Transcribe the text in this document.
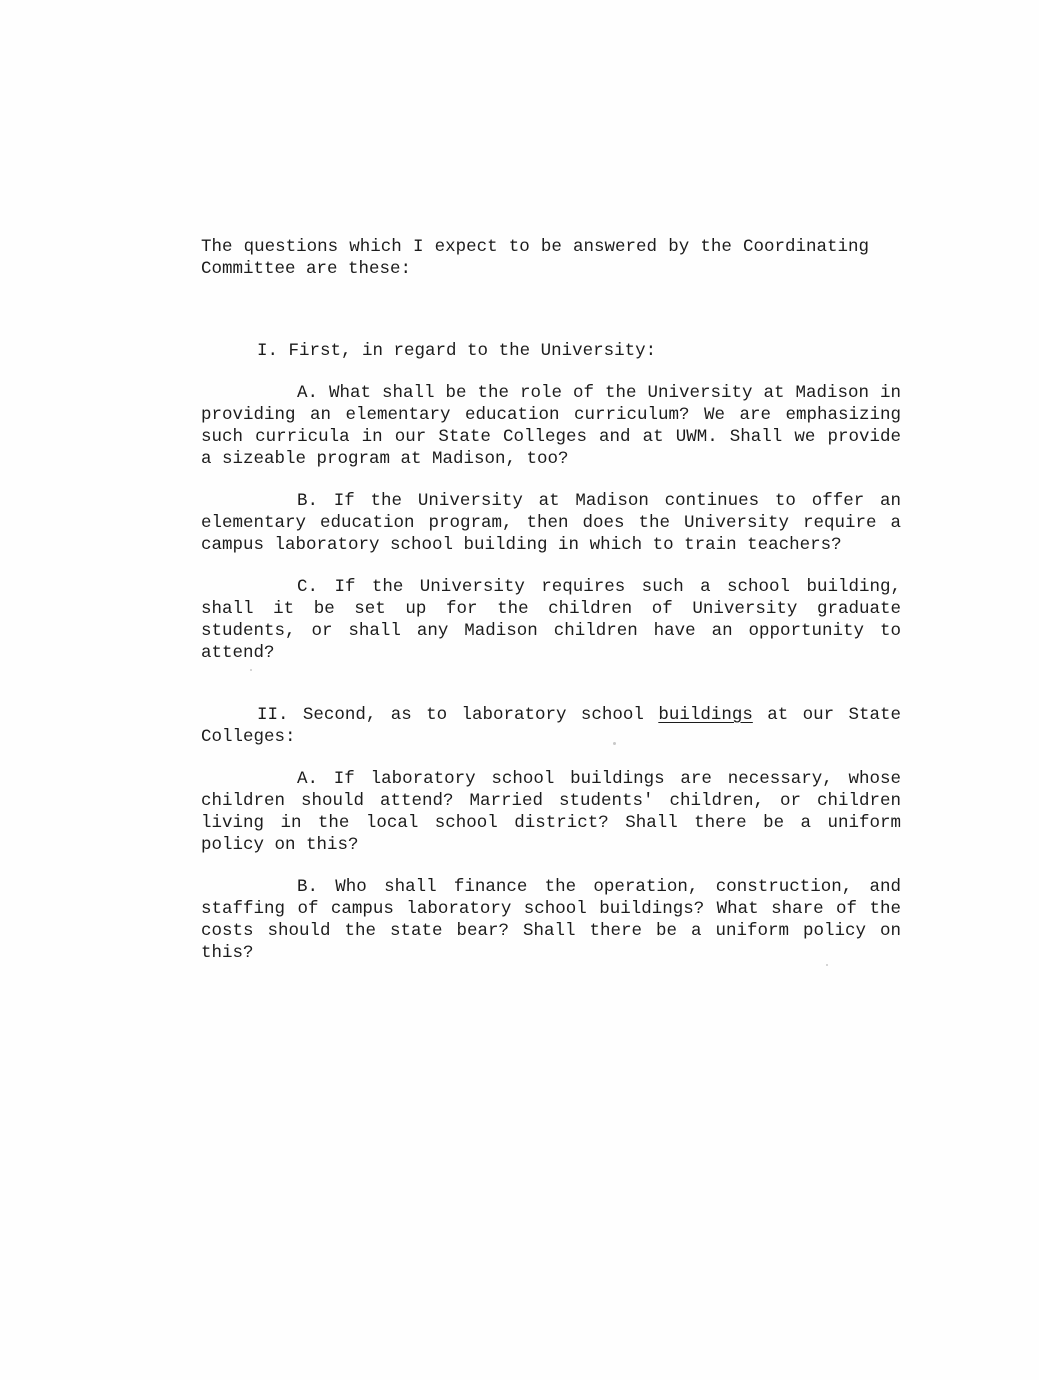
The questions which I expect to be answered by the Coordinating Committee are these:

I. First, in regard to the University:

A. What shall be the role of the University at Madison in providing an elementary education curriculum? We are emphasizing such curricula in our State Colleges and at UWM. Shall we provide a sizeable program at Madison, too?

B. If the University at Madison continues to offer an elementary education program, then does the University require a campus laboratory school building in which to train teachers?

C. If the University requires such a school building, shall it be set up for the children of University graduate students, or shall any Madison children have an opportunity to attend?

II. Second, as to laboratory school buildings at our State Colleges:

A. If laboratory school buildings are necessary, whose children should attend? Married students' children, or children living in the local school district? Shall there be a uniform policy on this?

B. Who shall finance the operation, construction, and staffing of campus laboratory school buildings? What share of the costs should the state bear? Shall there be a uniform policy on this?
